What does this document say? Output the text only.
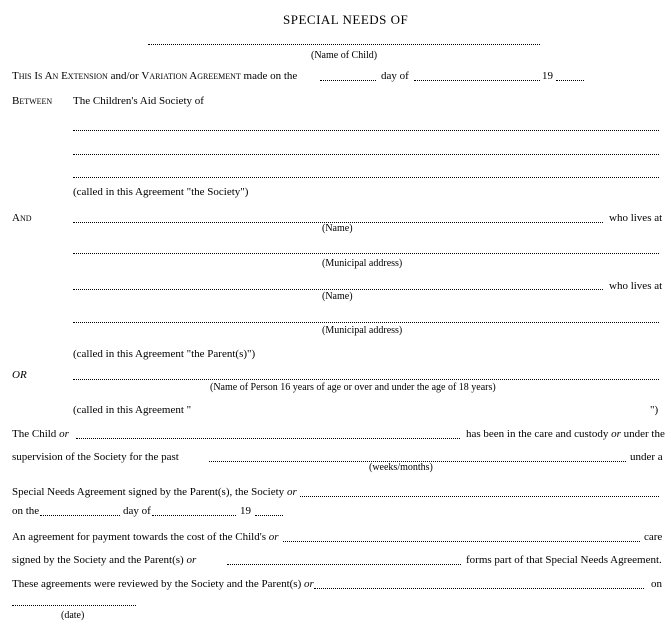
SPECIAL NEEDS OF
(Name of Child)
This Is An Extension and/or Variation Agreement made on the	day of	19
Between The Children's Aid Society of
(called in this Agreement "the Society")
And	who lives at
(Name)
(Municipal address)
who lives at
(Name)
(Municipal address)
(called in this Agreement "the Parent(s)")
OR
(Name of Person 16 years of age or over and under the age of 18 years)
(called in this Agreement "	")
The Child or	has been in the care and custody or under the
supervision of the Society for the past	under a
(weeks/months)
Special Needs Agreement signed by the Parent(s), the Society or
on the	day of	19
An agreement for payment towards the cost of the Child's or	care
signed by the Society and the Parent(s) or	forms part of that Special Needs Agreement.
These agreements were reviewed by the Society and the Parent(s) or	on
(date)
